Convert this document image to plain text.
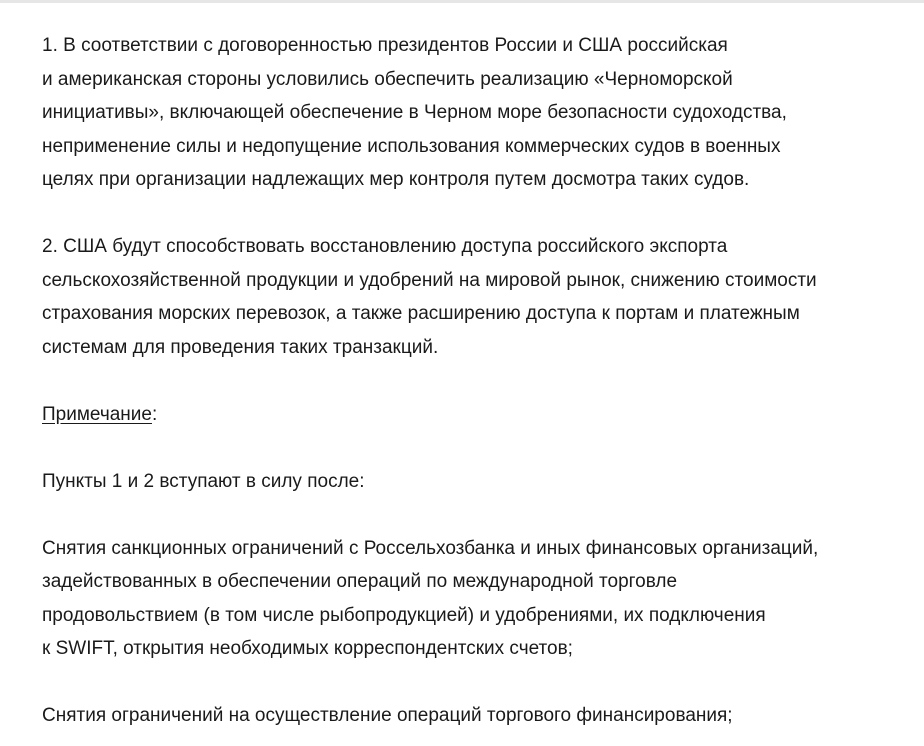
1. В соответствии с договоренностью президентов России и США российская
и американская стороны условились обеспечить реализацию «Черноморской
инициативы», включающей обеспечение в Черном море безопасности судоходства,
неприменение силы и недопущение использования коммерческих судов в военных
целях при организации надлежащих мер контроля путем досмотра таких судов.
2. США будут способствовать восстановлению доступа российского экспорта
сельскохозяйственной продукции и удобрений на мировой рынок, снижению стоимости
страхования морских перевозок, а также расширению доступа к портам и платежным
системам для проведения таких транзакций.
Примечание:
Пункты 1 и 2 вступают в силу после:
Снятия санкционных ограничений с Россельхозбанка и иных финансовых организаций,
задействованных в обеспечении операций по международной торговле
продовольствием (в том числе рыбопродукцией) и удобрениями, их подключения
к SWIFT, открытия необходимых корреспондентских счетов;
Снятия ограничений на осуществление операций торгового финансирования;
